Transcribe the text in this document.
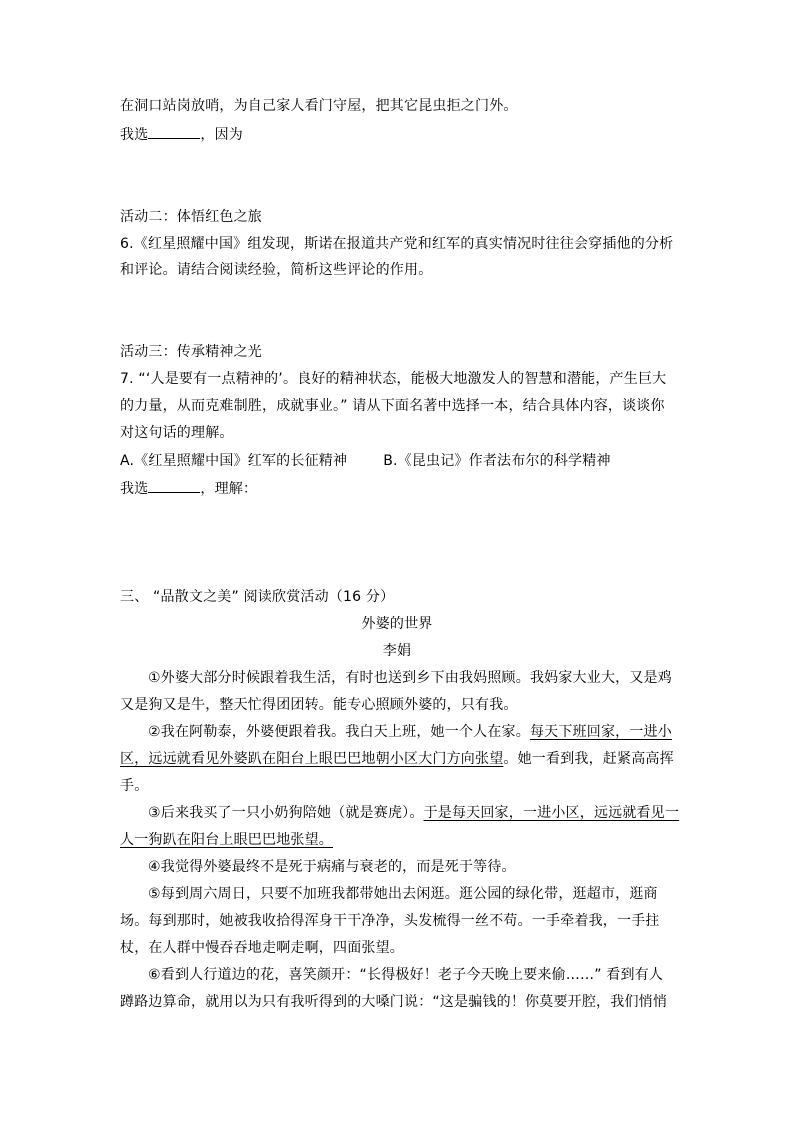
在洞口站岗放哨，为自己家人看门守屋，把其它昆虫拒之门外。
我选	，因为
活动二：体悟红色之旅
6.《红星照耀中国》组发现，斯诺在报道共产党和红军的真实情况时往往会穿插他的分析
和评论。请结合阅读经验，简析这些评论的作用。
活动三：传承精神之光
7. “‘人是要有一点精神的’。良好的精神状态，能极大地激发人的智慧和潜能，产生巨大
的力量，从而克难制胜，成就事业。” 请从下面名著中选择一本，结合具体内容，谈谈你
对这句话的理解。
A.《红星照耀中国》红军的长征精神	B.《昆虫记》作者法布尔的科学精神
我选	，理解：
三、 “品散文之美” 阅读欣赏活动（16 分）
外婆的世界
李娟
①外婆大部分时候跟着我生活，有时也送到乡下由我妈照顾。我妈家大业大，又是鸡
又是狗又是牛，整天忙得团团转。能专心照顾外婆的，只有我。
②我在阿勒泰，外婆便跟着我。我白天上班，她一个人在家。每天下班回家，一进小
区，远远就看见外婆趴在阳台上眼巴巴地朝小区大门方向张望。她一看到我，赶紧高高挥
手。
③后来我买了一只小奶狗陪她（就是赛虎）。于是每天回家，一进小区，远远就看见一
人一狗趴在阳台上眼巴巴地张望。
④我觉得外婆最终不是死于病痛与衰老的，而是死于等待。
⑤每到周六周日，只要不加班我都带她出去闲逛。逛公园的绿化带，逛超市，逛商
场。每到那时，她被我收拾得浑身干干净净，头发梳得一丝不苟。一手牵着我，一手拄
杖，在人群中慢吞吞地走啊走啊，四面张望。
⑥看到人行道边的花，喜笑颜开：“长得极好！老子今天晚上要来偷……” 看到有人
蹲路边算命，就用以为只有我听得到的大嗓门说：“这是骗钱的！你莫要开腔，我们悄悄
